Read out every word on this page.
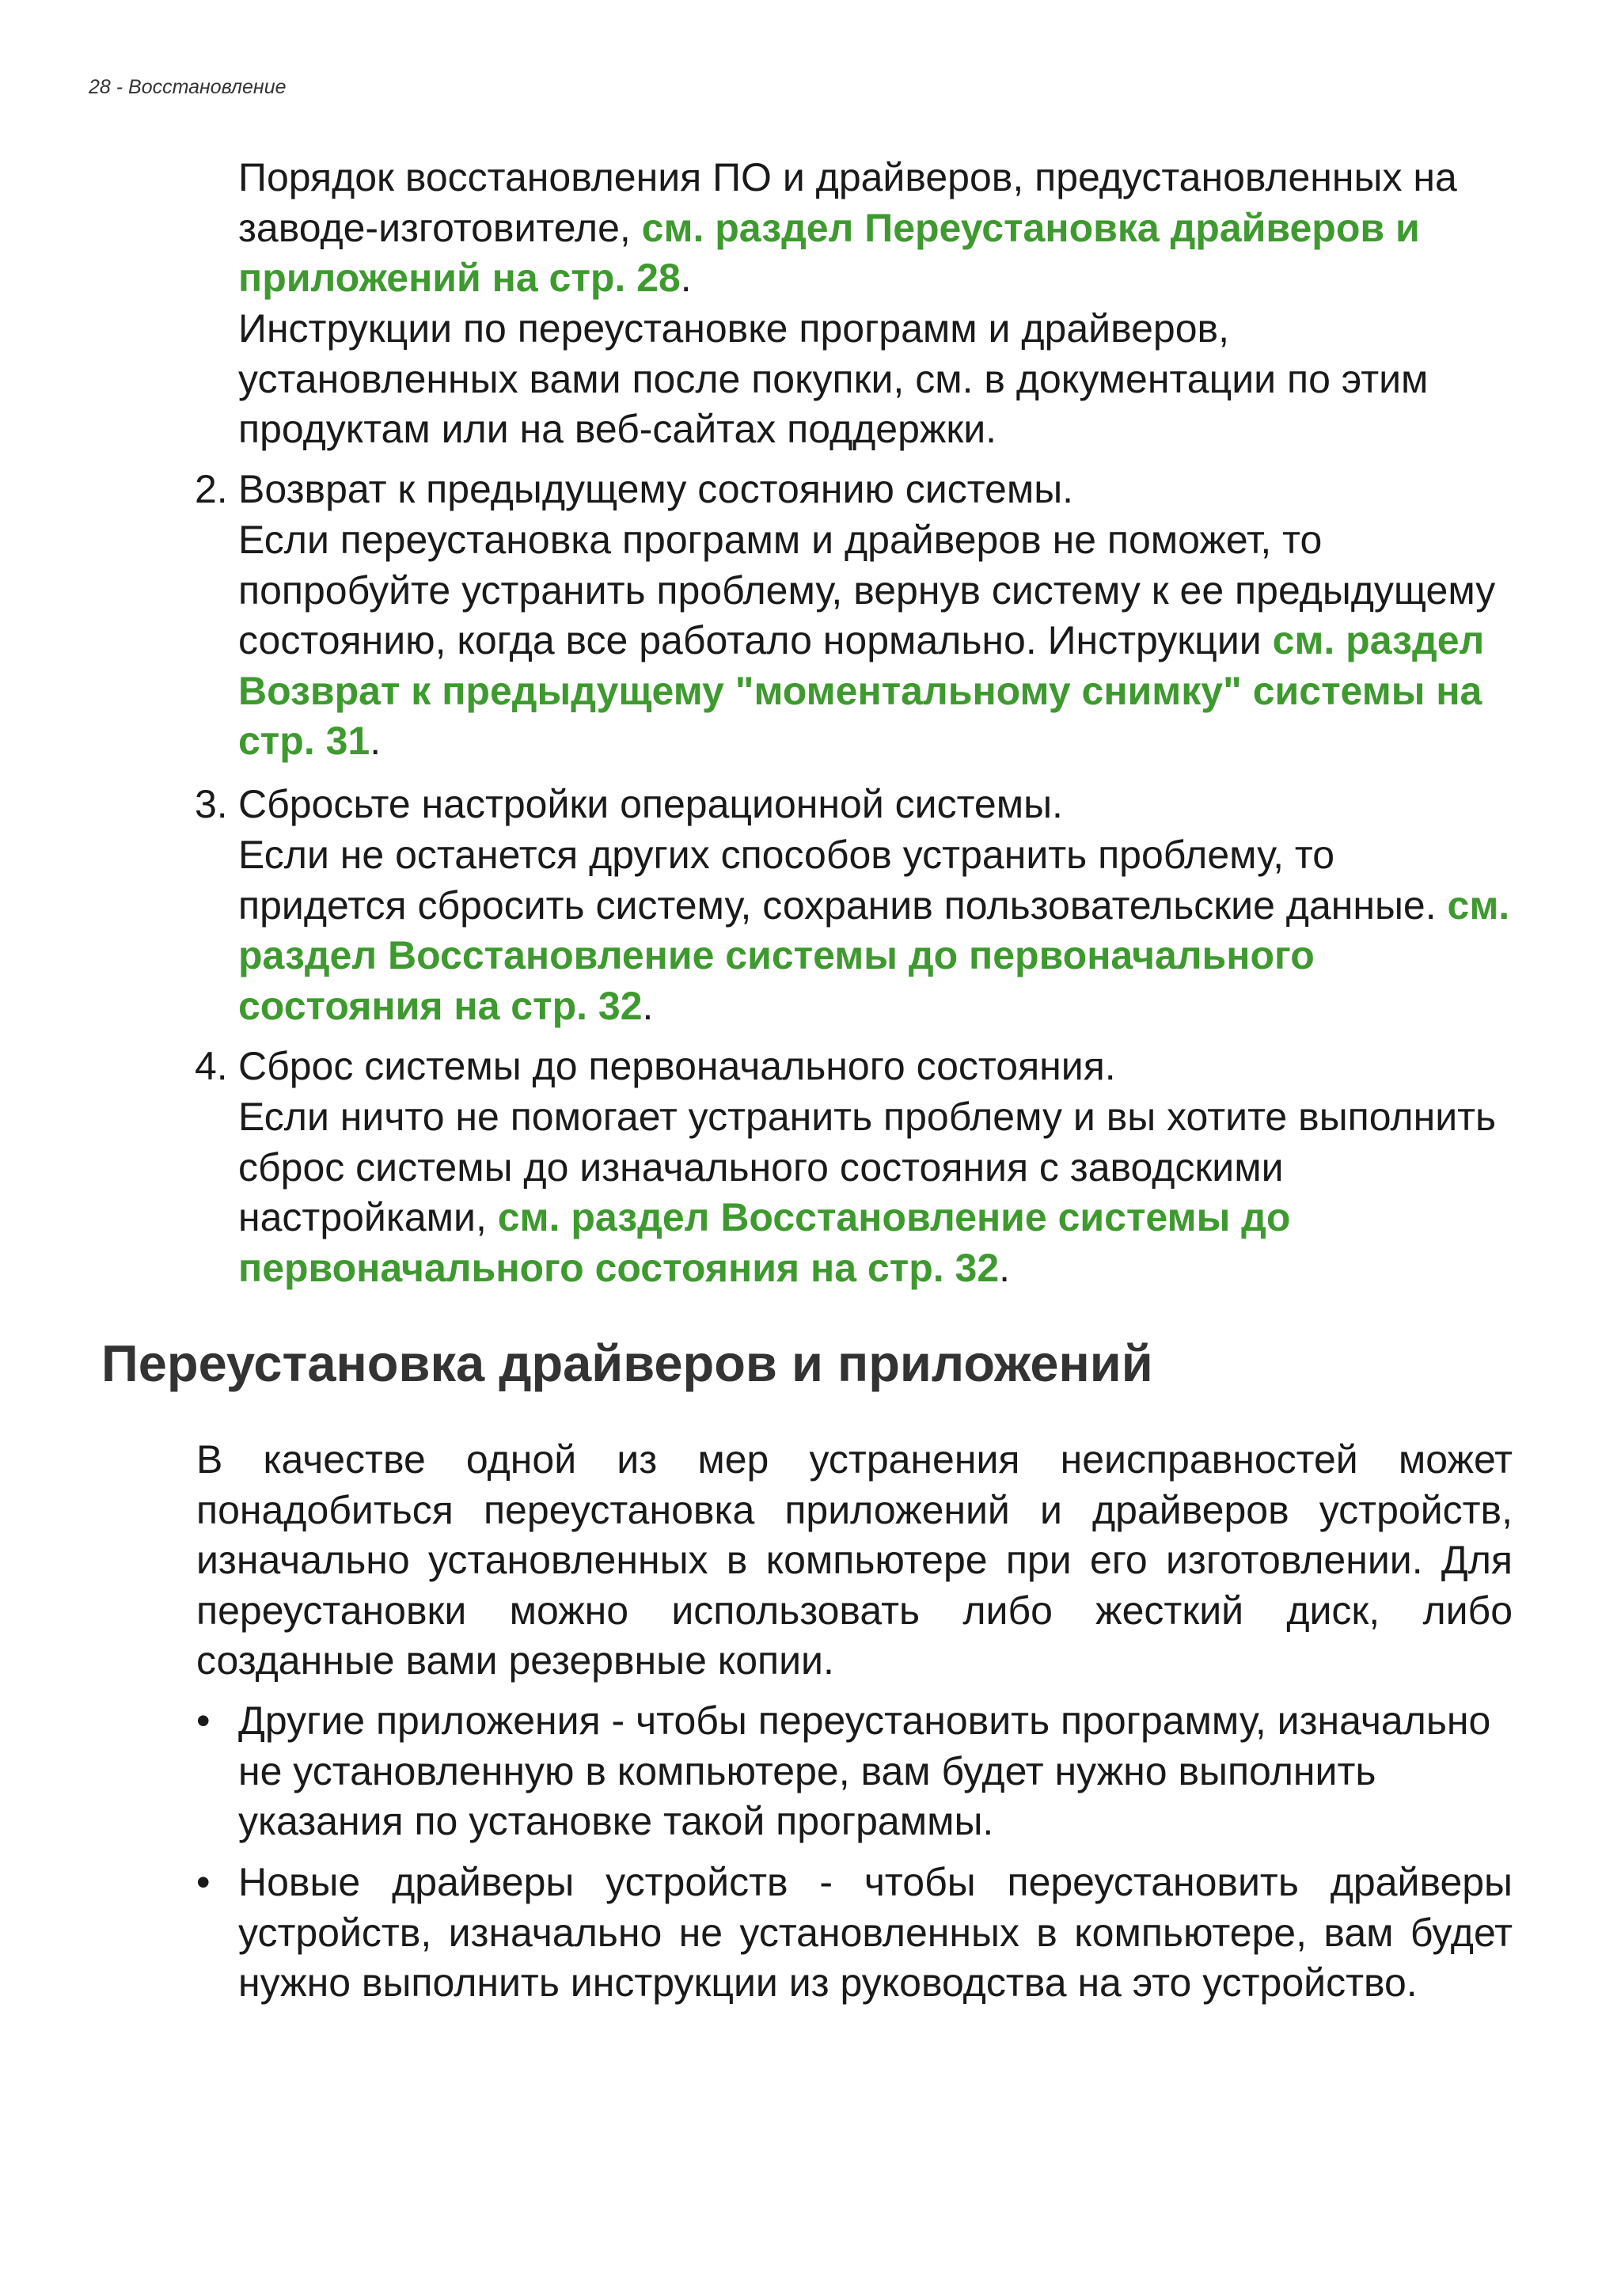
28 - Восстановление

Порядок восстановления ПО и драйверов, предустановленных на заводе-изготовителе, см. раздел Переустановка драйверов и приложений на стр. 28.

Инструкции по переустановке программ и драйверов, установленных вами после покупки, см. в документации по этим продуктам или на веб-сайтах поддержки.

2. Возврат к предыдущему состоянию системы.

Если переустановка программ и драйверов не поможет, то попробуйте устранить проблему, вернув систему к ее предыдущему состоянию, когда все работало нормально. Инструкции см. раздел Возврат к предыдущему "моментальному снимку" системы на стр. 31.

3. Сбросьте настройки операционной системы.

Если не останется других способов устранить проблему, то придется сбросить систему, сохранив пользовательские данные. см. раздел Восстановление системы до первоначального состояния на стр. 32.

4. Сброс системы до первоначального состояния.

Если ничто не помогает устранить проблему и вы хотите выполнить сброс системы до изначального состояния с заводскими настройками, см. раздел Восстановление системы до первоначального состояния на стр. 32.

Переустановка драйверов и приложений

В качестве одной из мер устранения неисправностей может понадобиться переустановка приложений и драйверов устройств, изначально установленных в компьютере при его изготовлении. Для переустановки можно использовать либо жесткий диск, либо созданные вами резервные копии.

• Другие приложения - чтобы переустановить программу, изначально не установленную в компьютере, вам будет нужно выполнить указания по установке такой программы.

• Новые драйверы устройств - чтобы переустановить драйверы устройств, изначально не установленных в компьютере, вам будет нужно выполнить инструкции из руководства на это устройство.
